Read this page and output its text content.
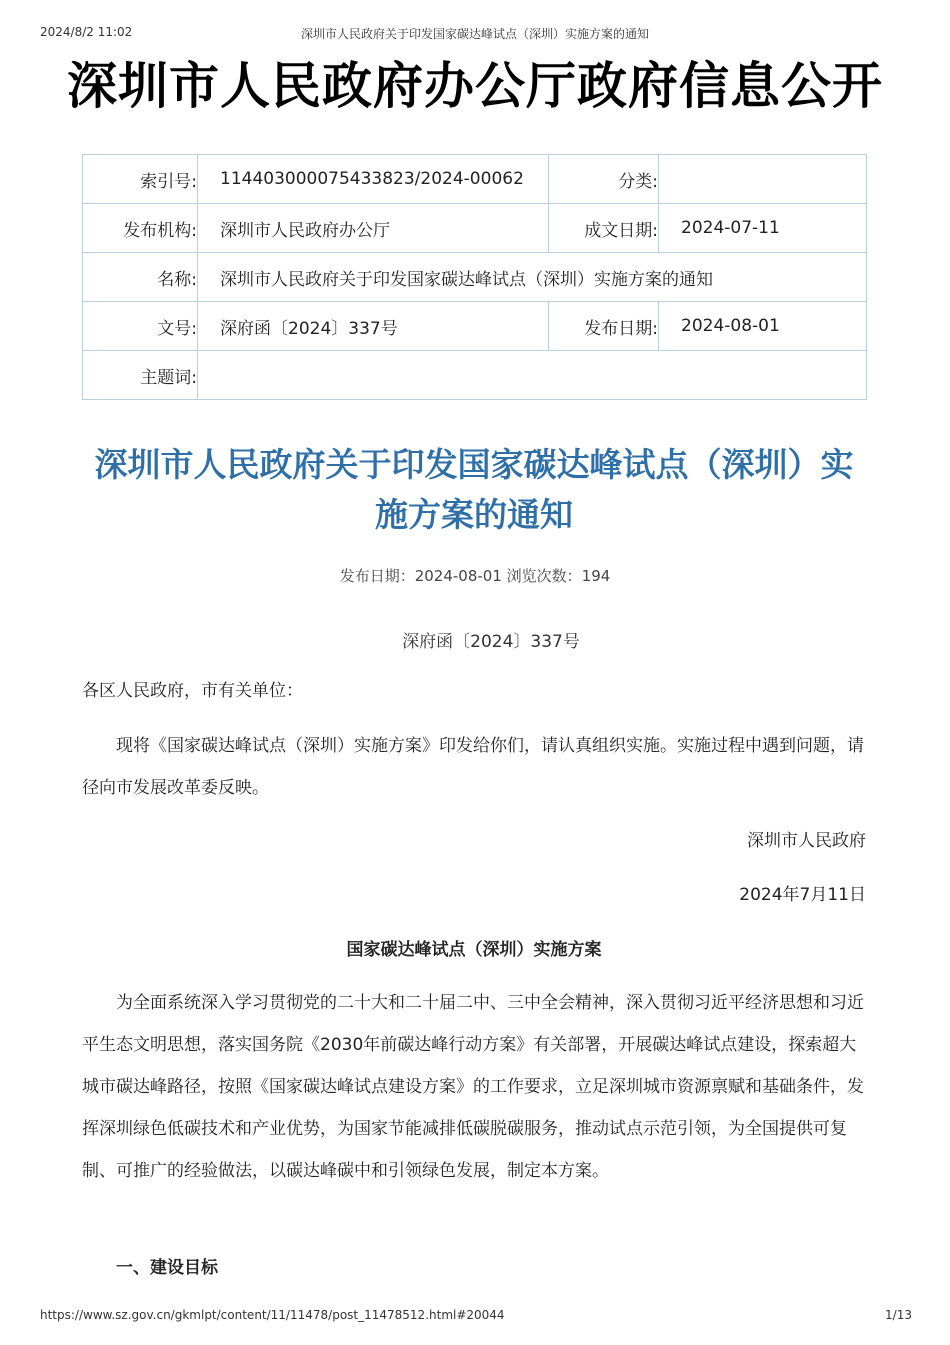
2024/8/2 11:02	深圳市人民政府关于印发国家碳达峰试点（深圳）实施方案的通知
深圳市人民政府办公厅政府信息公开
索引号:	114403000075433823/2024-00062	分类:	
发布机构:	深圳市人民政府办公厅	成文日期:	2024-07-11
名称:	深圳市人民政府关于印发国家碳达峰试点（深圳）实施方案的通知		
文号:	深府函〔2024〕337号	发布日期:	2024-08-01
主题词:			
深圳市人民政府关于印发国家碳达峰试点（深圳）实施方案的通知
发布日期：2024-08-01 浏览次数：194
深府函〔2024〕337号

各区人民政府，市有关单位：

现将《国家碳达峰试点（深圳）实施方案》印发给你们，请认真组织实施。实施过程中遇到问题，请径向市发展改革委反映。

深圳市人民政府

2024年7月11日

国家碳达峰试点（深圳）实施方案

为全面系统深入学习贯彻党的二十大和二十届二中、三中全会精神，深入贯彻习近平经济思想和习近平生态文明思想，落实国务院《2030年前碳达峰行动方案》有关部署，开展碳达峰试点建设，探索超大城市碳达峰路径，按照《国家碳达峰试点建设方案》的工作要求，立足深圳城市资源禀赋和基础条件，发挥深圳绿色低碳技术和产业优势，为国家节能减排低碳脱碳服务，推动试点示范引领，为全国提供可复制、可推广的经验做法，以碳达峰碳中和引领绿色发展，制定本方案。

一、建设目标

https://www.sz.gov.cn/gkmlpt/content/11/11478/post_11478512.html#20044	1/13
